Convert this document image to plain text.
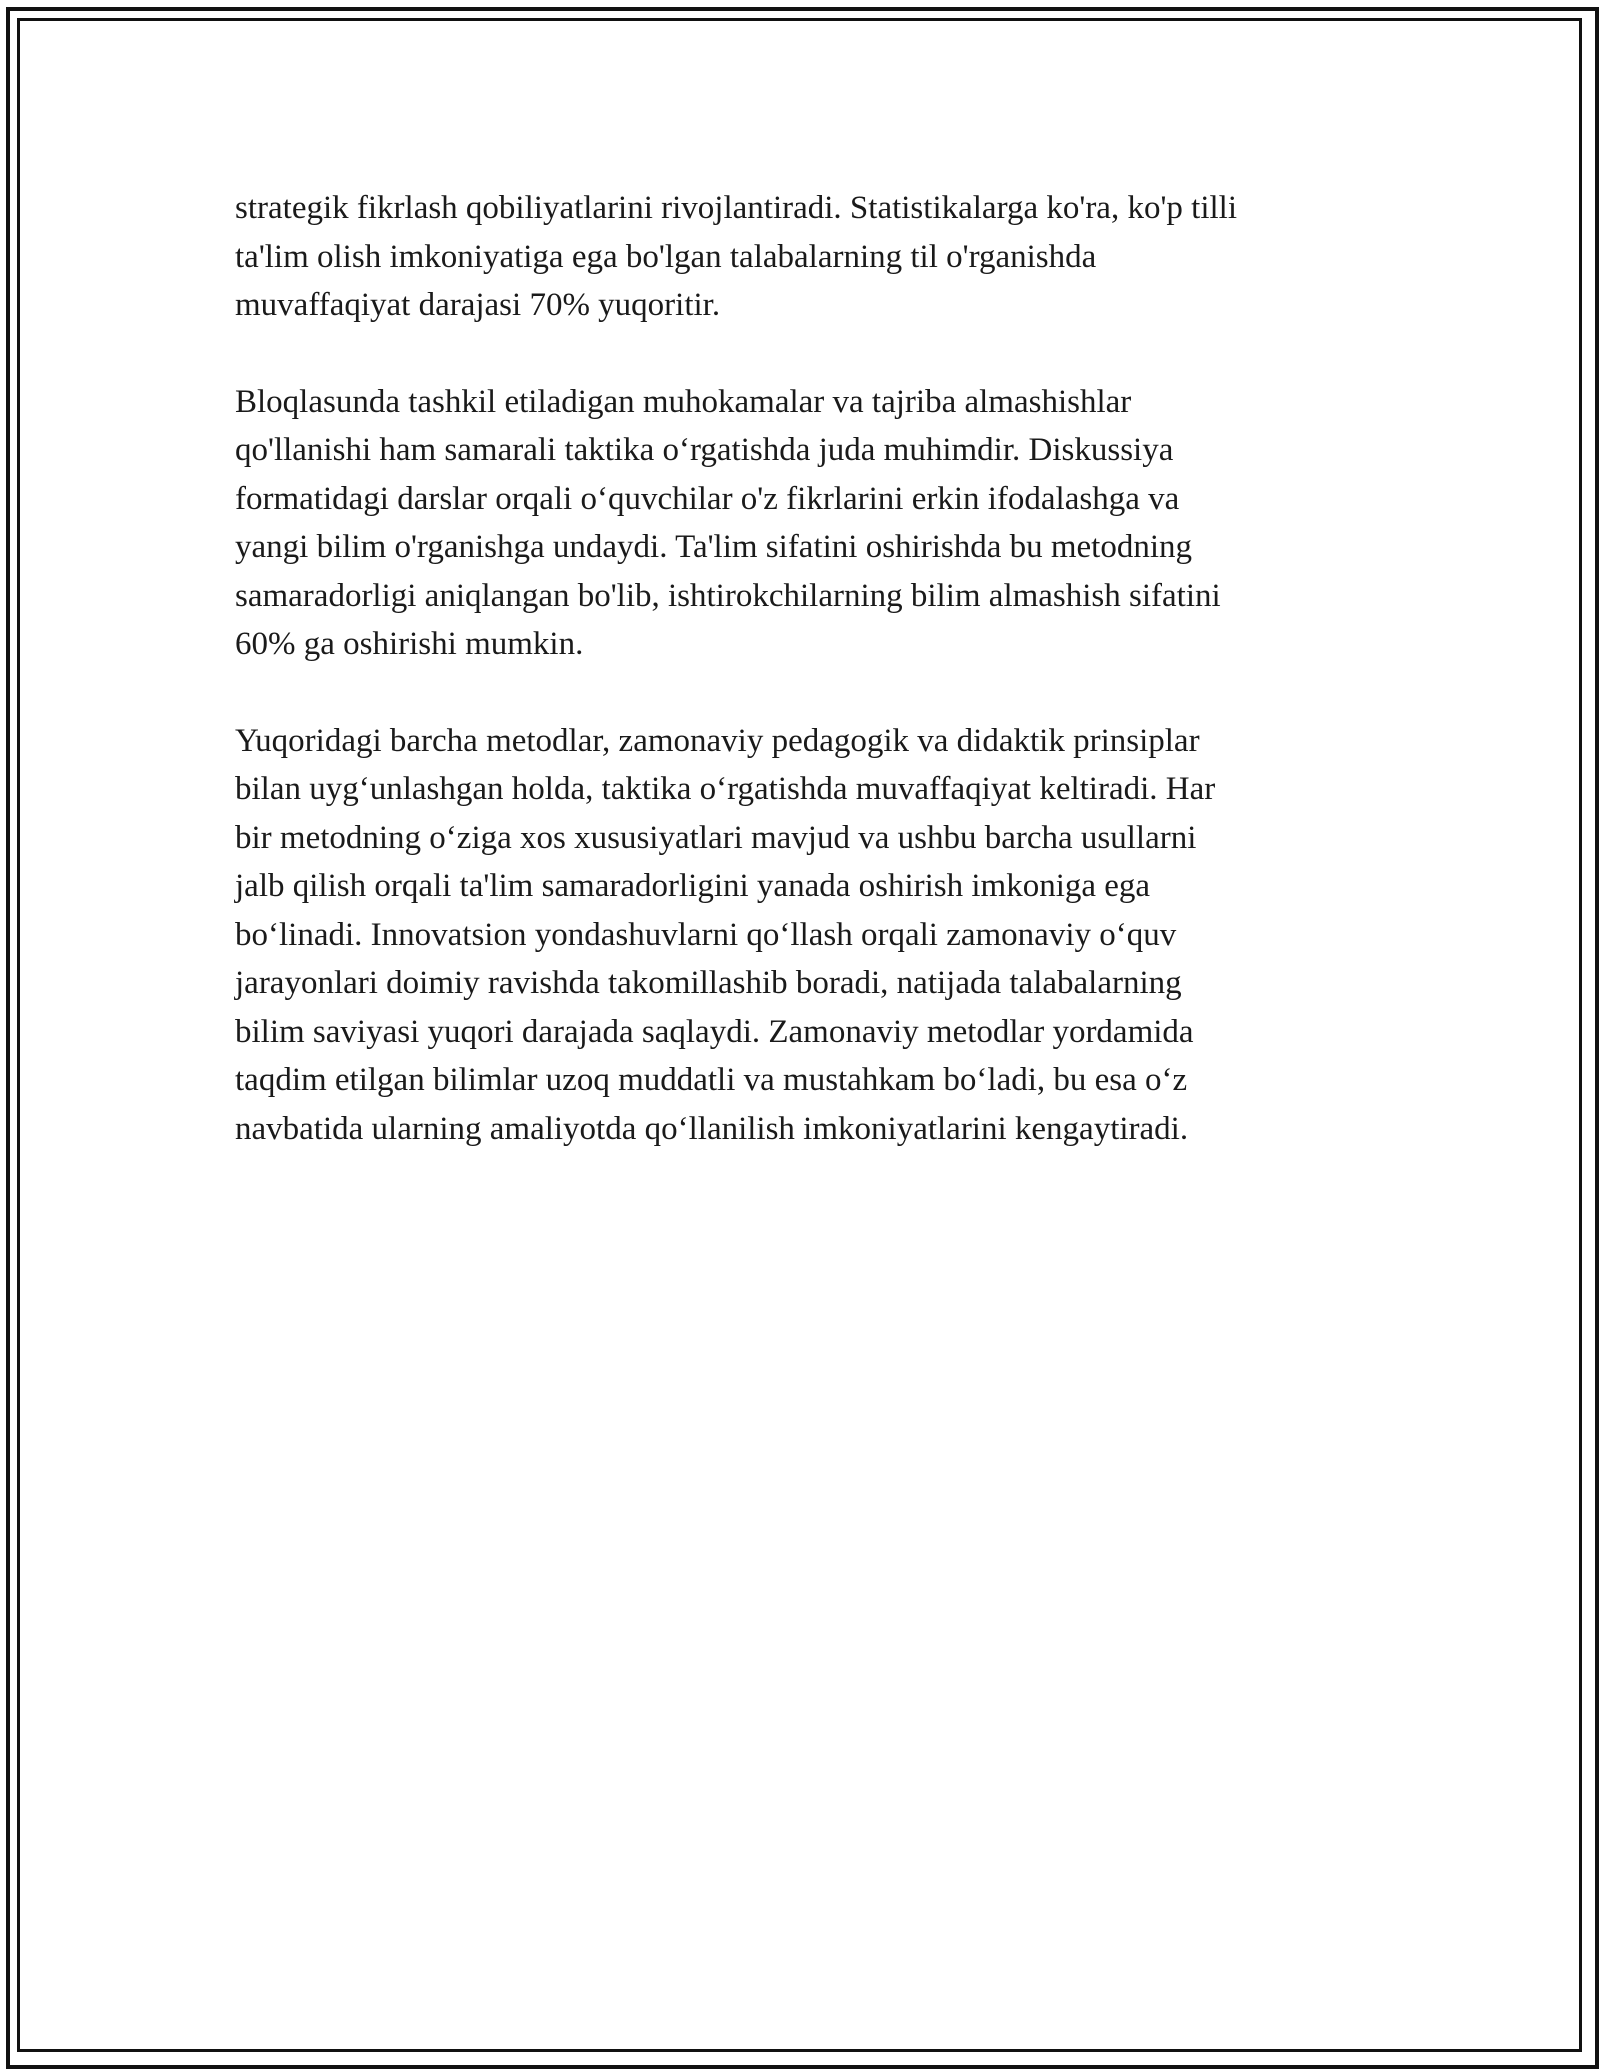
strategik fikrlash qobiliyatlarini rivojlantiradi. Statistikalarga ko'ra, ko'p tilli
ta'lim olish imkoniyatiga ega bo'lgan talabalarning til o'rganishda
muvaffaqiyat darajasi 70% yuqoritir.

Bloqlasunda tashkil etiladigan muhokamalar va tajriba almashishlar
qo'llanishi ham samarali taktika o‘rgatishda juda muhimdir. Diskussiya
formatidagi darslar orqali o‘quvchilar o'z fikrlarini erkin ifodalashga va
yangi bilim o'rganishga undaydi. Ta'lim sifatini oshirishda bu metodning
samaradorligi aniqlangan bo'lib, ishtirokchilarning bilim almashish sifatini
60% ga oshirishi mumkin.

Yuqoridagi barcha metodlar, zamonaviy pedagogik va didaktik prinsiplar
bilan uyg‘unlashgan holda, taktika o‘rgatishda muvaffaqiyat keltiradi. Har
bir metodning o‘ziga xos xususiyatlari mavjud va ushbu barcha usullarni
jalb qilish orqali ta'lim samaradorligini yanada oshirish imkoniga ega
bo‘linadi. Innovatsion yondashuvlarni qo‘llash orqali zamonaviy o‘quv
jarayonlari doimiy ravishda takomillashib boradi, natijada talabalarning
bilim saviyasi yuqori darajada saqlaydi. Zamonaviy metodlar yordamida
taqdim etilgan bilimlar uzoq muddatli va mustahkam bo‘ladi, bu esa o‘z
navbatida ularning amaliyotda qo‘llanilish imkoniyatlarini kengaytiradi.
